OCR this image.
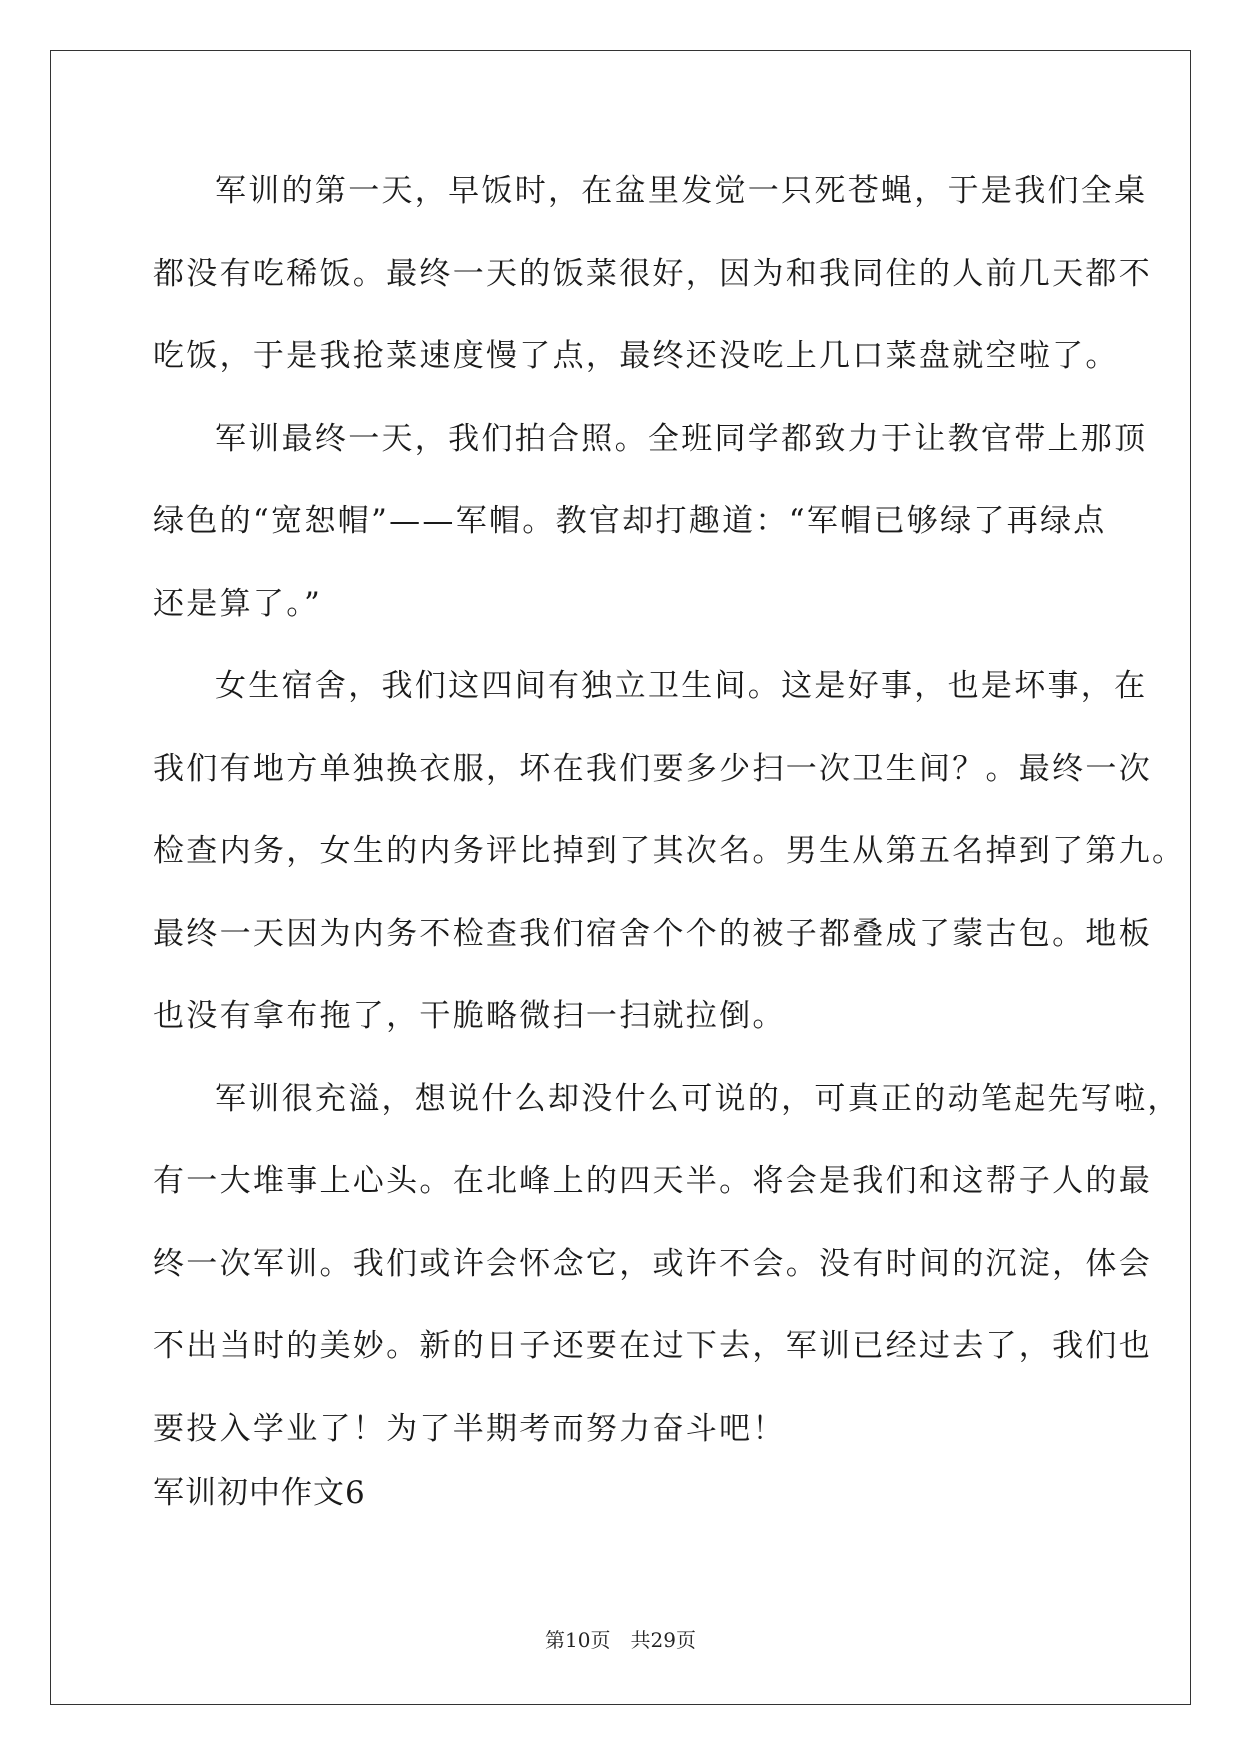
军训的第一天，早饭时，在盆里发觉一只死苍蝇，于是我们全桌
都没有吃稀饭。最终一天的饭菜很好，因为和我同住的人前几天都不
吃饭，于是我抢菜速度慢了点，最终还没吃上几口菜盘就空啦了。
军训最终一天，我们拍合照。全班同学都致力于让教官带上那顶
绿色的“宽恕帽”——军帽。教官却打趣道：“军帽已够绿了再绿点
还是算了。”
女生宿舍，我们这四间有独立卫生间。这是好事，也是坏事，在
我们有地方单独换衣服，坏在我们要多少扫一次卫生间？。最终一次
检查内务，女生的内务评比掉到了其次名。男生从第五名掉到了第九。
最终一天因为内务不检查我们宿舍个个的被子都叠成了蒙古包。地板
也没有拿布拖了，干脆略微扫一扫就拉倒。
军训很充溢，想说什么却没什么可说的，可真正的动笔起先写啦，
有一大堆事上心头。在北峰上的四天半。将会是我们和这帮子人的最
终一次军训。我们或许会怀念它，或许不会。没有时间的沉淀，体会
不出当时的美妙。新的日子还要在过下去，军训已经过去了，我们也
要投入学业了！为了半期考而努力奋斗吧！
军训初中作文6
第10页　共29页
